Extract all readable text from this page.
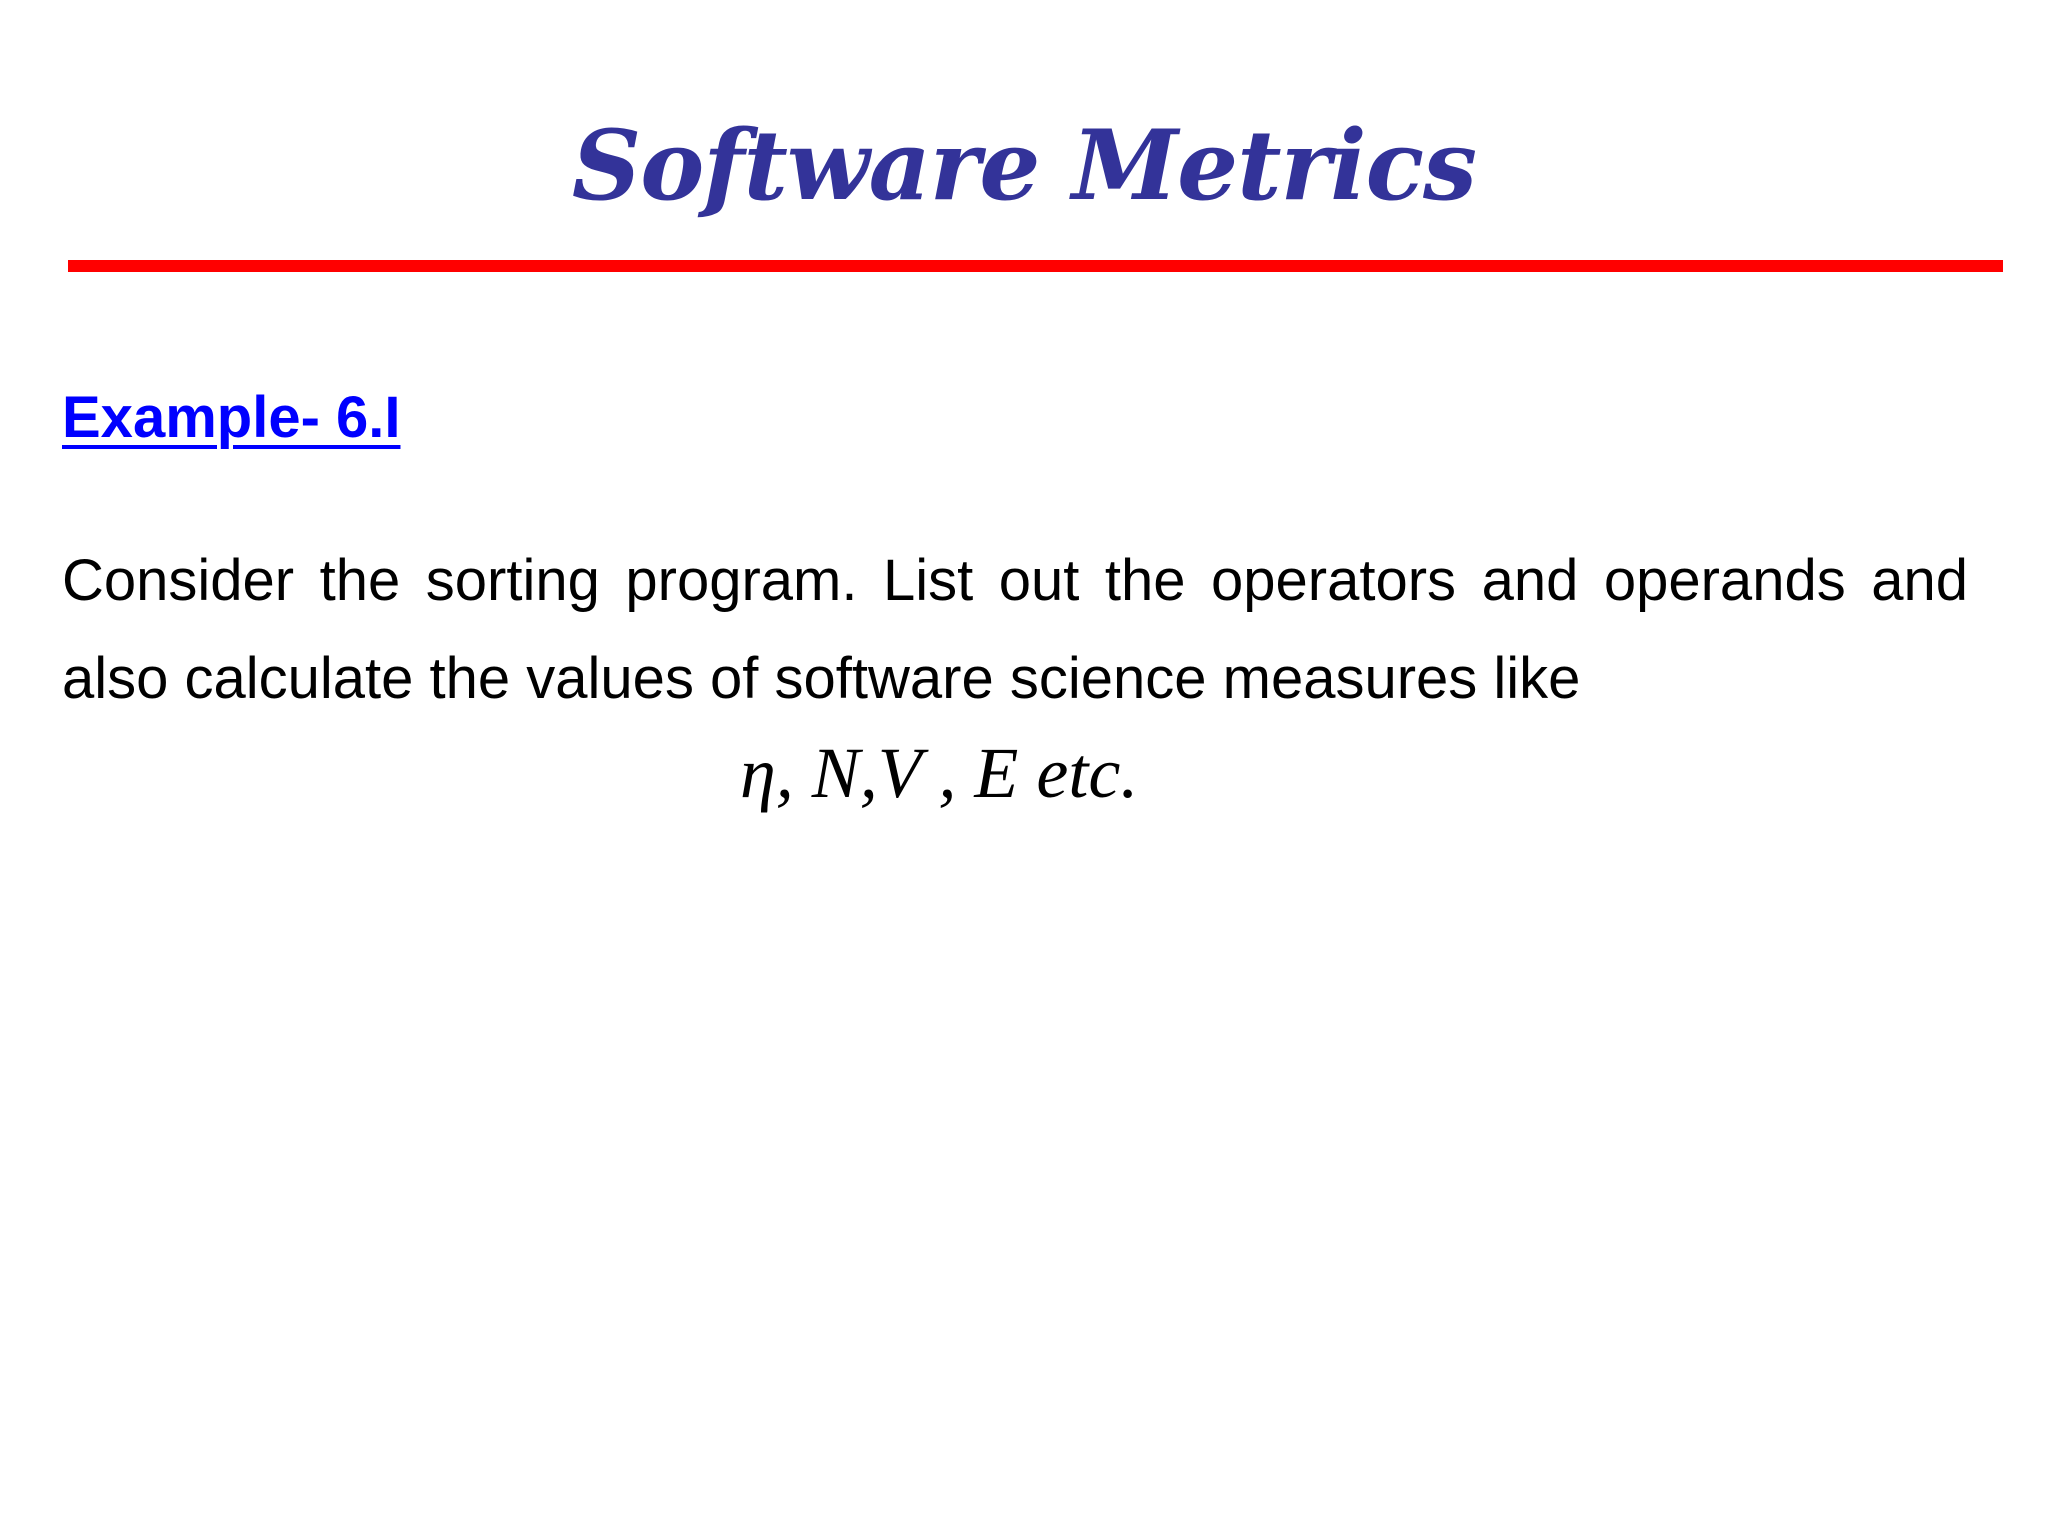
Software Metrics
Example- 6.I

Consider the sorting program. List out the operators and operands and also calculate the values of software science measures like

η, N,V , E etc.
